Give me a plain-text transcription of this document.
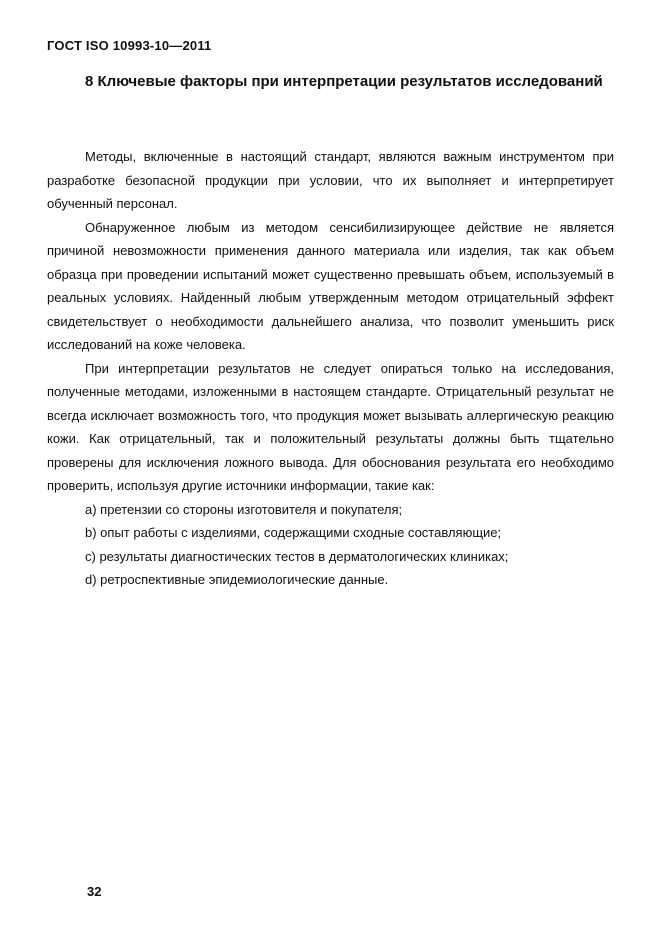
ГОСТ ISO 10993-10—2011
8 Ключевые факторы при интерпретации результатов исследований

Методы, включенные в настоящий стандарт, являются важным инструментом при разработке безопасной продукции при условии, что их выполняет и интерпретирует обученный персонал.

Обнаруженное любым из методом сенсибилизирующее действие не является причиной невозможности применения данного материала или изделия, так как объем образца при проведении испытаний может существенно превышать объем, используемый в реальных условиях. Найденный любым утвержденным методом отрицательный эффект свидетельствует о необходимости дальнейшего анализа, что позволит уменьшить риск исследований на коже человека.

При интерпретации результатов не следует опираться только на исследования, полученные методами, изложенными в настоящем стандарте. Отрицательный результат не всегда исключает возможность того, что продукция может вызывать аллергическую реакцию кожи. Как отрицательный, так и положительный результаты должны быть тщательно проверены для исключения ложного вывода. Для обоснования результата его необходимо проверить, используя другие источники информации, такие как:

a) претензии со стороны изготовителя и покупателя;

b) опыт работы с изделиями, содержащими сходные составляющие;

c) результаты диагностических тестов в дерматологических клиниках;

d) ретроспективные эпидемиологические данные.

32
